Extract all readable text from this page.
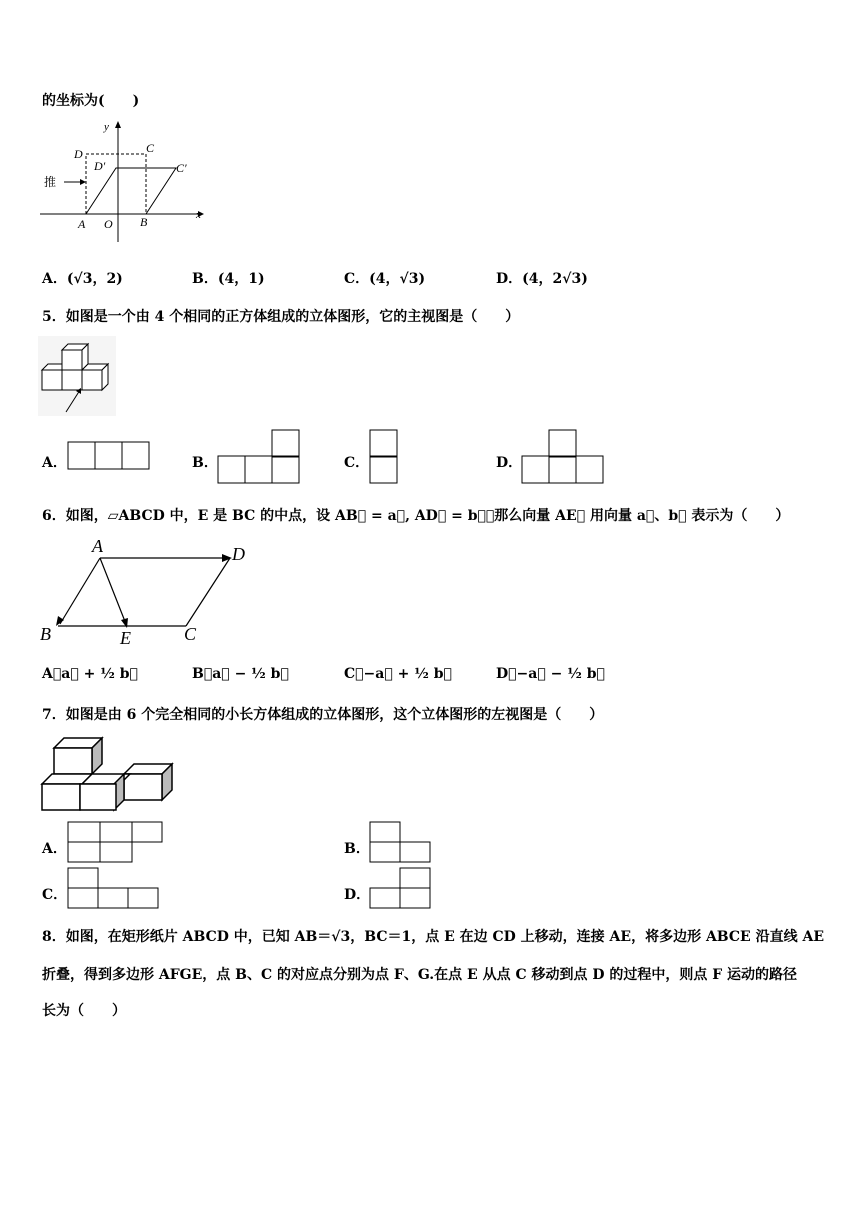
的坐标为(　　)
y
x
D	C
D′	C′
推
A O B
A．(√3，2)	B．(4，1)	C．(4，√3)	D．(4，2√3)
5．如图是一个由 4 个相同的正方体组成的立体图形，它的主视图是（　　）
A．	B．	C．	D．
6．如图，▱ABCD 中，E 是 BC 的中点，设 AB⃗ = a⃗, AD⃗ = b⃗，那么向量 AE⃗ 用向量 a⃗、b⃗ 表示为（　　）
A	D
B	E	C
A．a⃗ + ½ b⃗	B．a⃗ − ½ b⃗	C．−a⃗ + ½ b⃗	D．−a⃗ − ½ b⃗
7．如图是由 6 个完全相同的小长方体组成的立体图形，这个立体图形的左视图是（　　）
A．	B．
C．	D．
8．如图，在矩形纸片 ABCD 中，已知 AB＝√3，BC＝1，点 E 在边 CD 上移动，连接 AE，将多边形 ABCE 沿直线 AE
折叠，得到多边形 AFGE，点 B、C 的对应点分别为点 F、G.在点 E 从点 C 移动到点 D 的过程中，则点 F 运动的路径
长为（　　）
